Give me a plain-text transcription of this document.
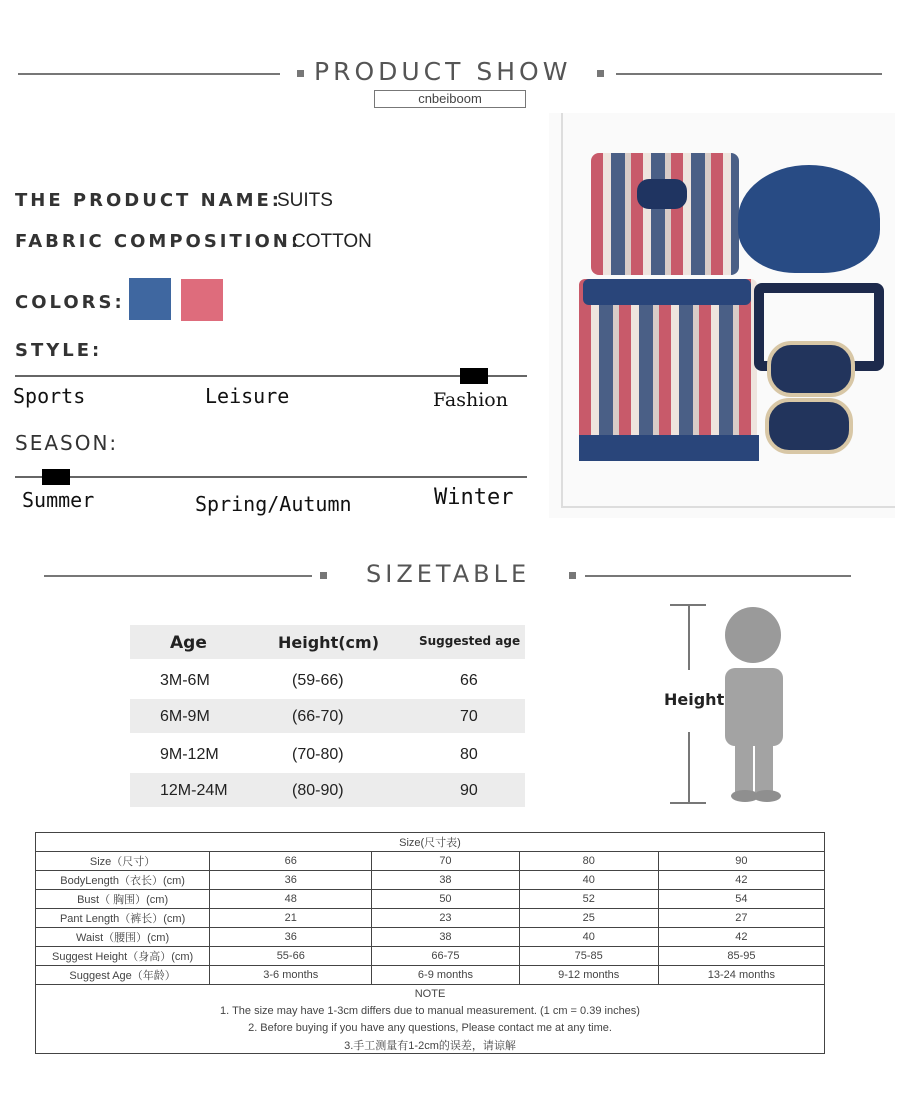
PRODUCT SHOW
cnbeiboom
THE PRODUCT NAME:
SUITS
FABRIC COMPOSITION:
COTTON
COLORS:
STYLE:
Sports	Leisure	Fashion
SEASON:
Summer	Spring/Autumn	Winter
SIZETABLE
Age	Height(cm)	Suggested age
3M-6M	(59-66)	66
6M-9M	(66-70)	70
9M-12M	(70-80)	80
12M-24M	(80-90)	90
Height
Size(尺寸表)				
Size（尺寸）	66	70	80	90
BodyLength（衣长）(cm)	36	38	40	42
Bust（ 胸围）(cm)	48	50	52	54
Pant Length（裤长）(cm)	21	23	25	27
Waist（腰围）(cm)	36	38	40	42
Suggest Height（身高）(cm)	55-66	66-75	75-85	85-95
Suggest Age（年龄）	3-6 months	6-9 months	9-12 months	13-24 months
NOTE				
1. The size may have 1-3cm differs due to manual measurement. (1 cm = 0.39 inches)				
2. Before buying if you have any questions, Please contact me at any time.				
3.手工测量有1-2cm的误差，请谅解				
